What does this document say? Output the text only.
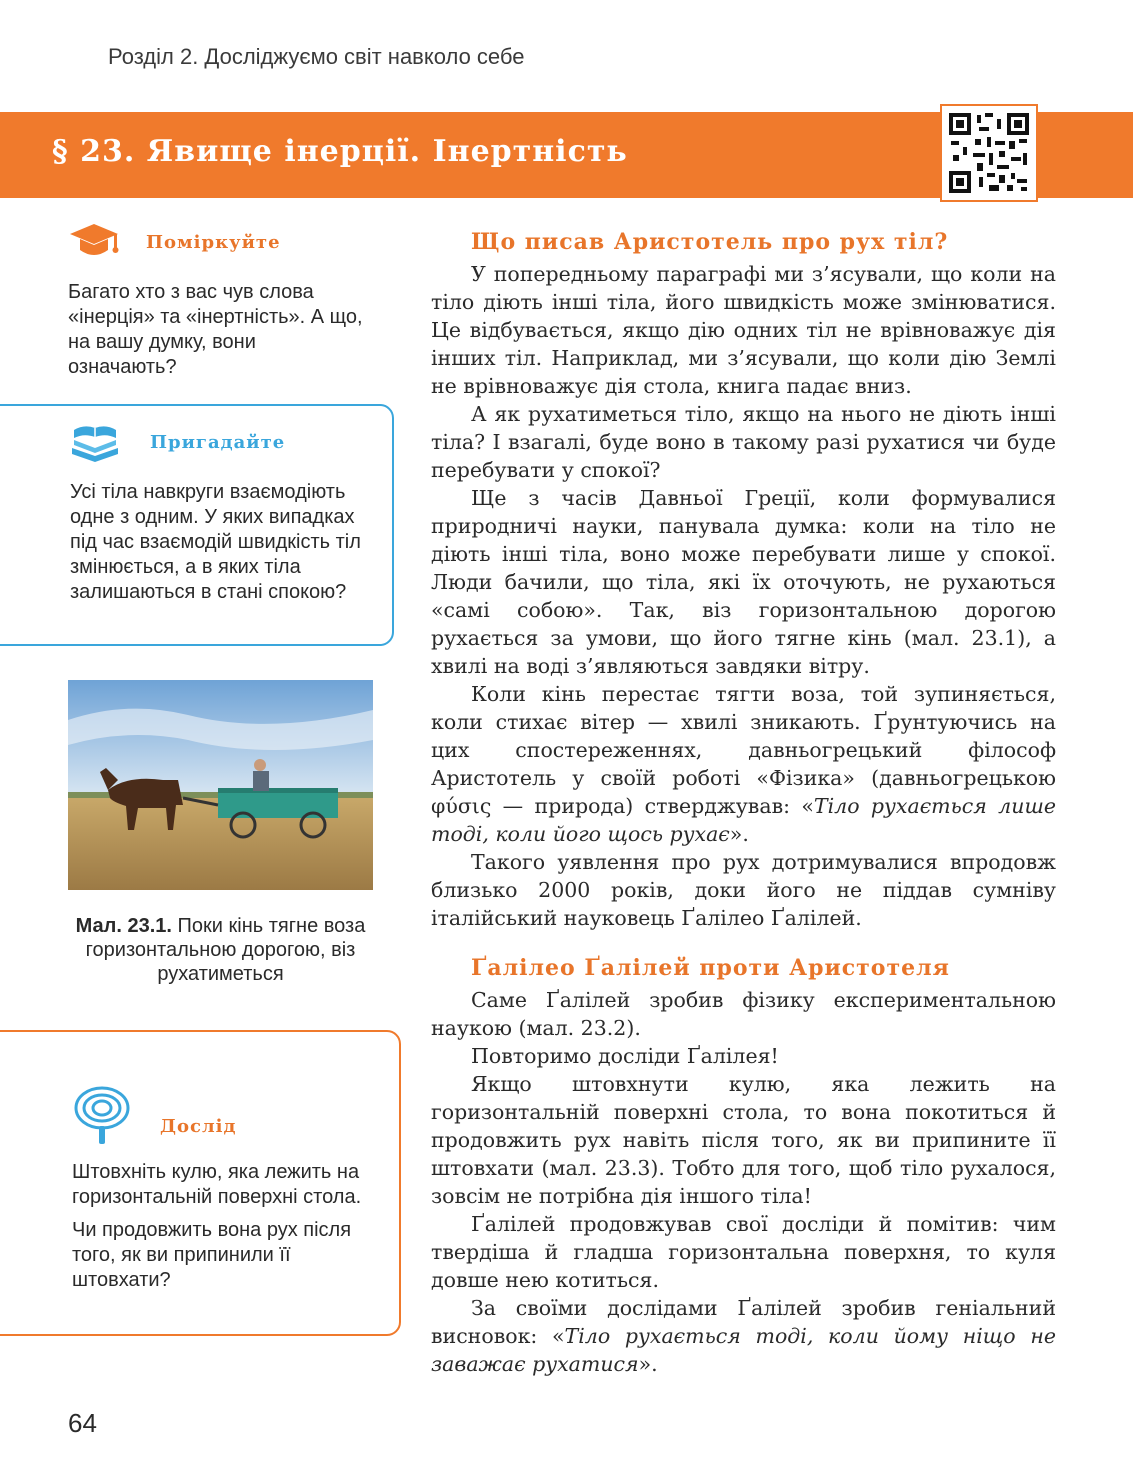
Розділ 2. Досліджуємо світ навколо себе
§ 23. Явище інерції. Інертність
Поміркуйте
Багато хто з вас чув слова «інерція» та «інертність». А що, на вашу думку, вони означають?
Пригадайте
Усі тіла навкруги взаємодіють одне з одним. У яких випадках під час взаємодій швидкість тіл змінюється, а в яких тіла залишаються в стані спокою?
Мал. 23.1. Поки кінь тягне воза горизонтальною дорогою, віз рухатиметься
Дослід

Штовхніть кулю, яка лежить на горизонтальній поверхні стола.

Чи продовжить вона рух після того, як ви припинили її штовхати?

Що писав Аристотель про рух тіл?

У попередньому параграфі ми з’ясували, що коли на тіло діють інші тіла, його швидкість може змінюватися. Це відбувається, якщо дію одних тіл не врівноважує дія інших тіл. Наприклад, ми з’ясували, що коли дію Землі не врівноважує дія стола, книга падає вниз.

А як рухатиметься тіло, якщо на нього не діють інші тіла? І взагалі, буде воно в такому разі рухатися чи буде перебувати у спокої?

Ще з часів Давньої Греції, коли формувалися природничі науки, панувала думка: коли на тіло не діють інші тіла, воно може перебувати лише у спокої. Люди бачили, що тіла, які їх оточують, не рухаються «самі собою». Так, віз горизонтальною дорогою рухається за умови, що його тягне кінь (мал. 23.1), а хвилі на воді з’являються завдяки вітру.

Коли кінь перестає тягти воза, той зупиняється, коли стихає вітер — хвилі зникають. Ґрунтуючись на цих спостереженнях, давньогрецький філософ Аристотель у своїй роботі «Фізика» (давньогрецькою φύσις — природа) стверджував: «Тіло рухається лише тоді, коли його щось рухає».

Такого уявлення про рух дотримувалися впродовж близько 2000 років, доки його не піддав сумніву італійський науковець Ґалілео Ґалілей.

Ґалілео Ґалілей проти Аристотеля

Саме Ґалілей зробив фізику експериментальною наукою (мал. 23.2).

Повторимо досліди Ґалілея!

Якщо штовхнути кулю, яка лежить на горизонтальній поверхні стола, то вона покотиться й продовжить рух навіть після того, як ви припините її штовхати (мал. 23.3). Тобто для того, щоб тіло рухалося, зовсім не потрібна дія іншого тіла!

Ґалілей продовжував свої досліди й помітив: чим твердіша й гладша горизонтальна поверхня, то куля довше нею котиться.

За своїми дослідами Ґалілей зробив геніальний висновок: «Тіло рухається тоді, коли йому ніщо не заважає рухатися».

64
